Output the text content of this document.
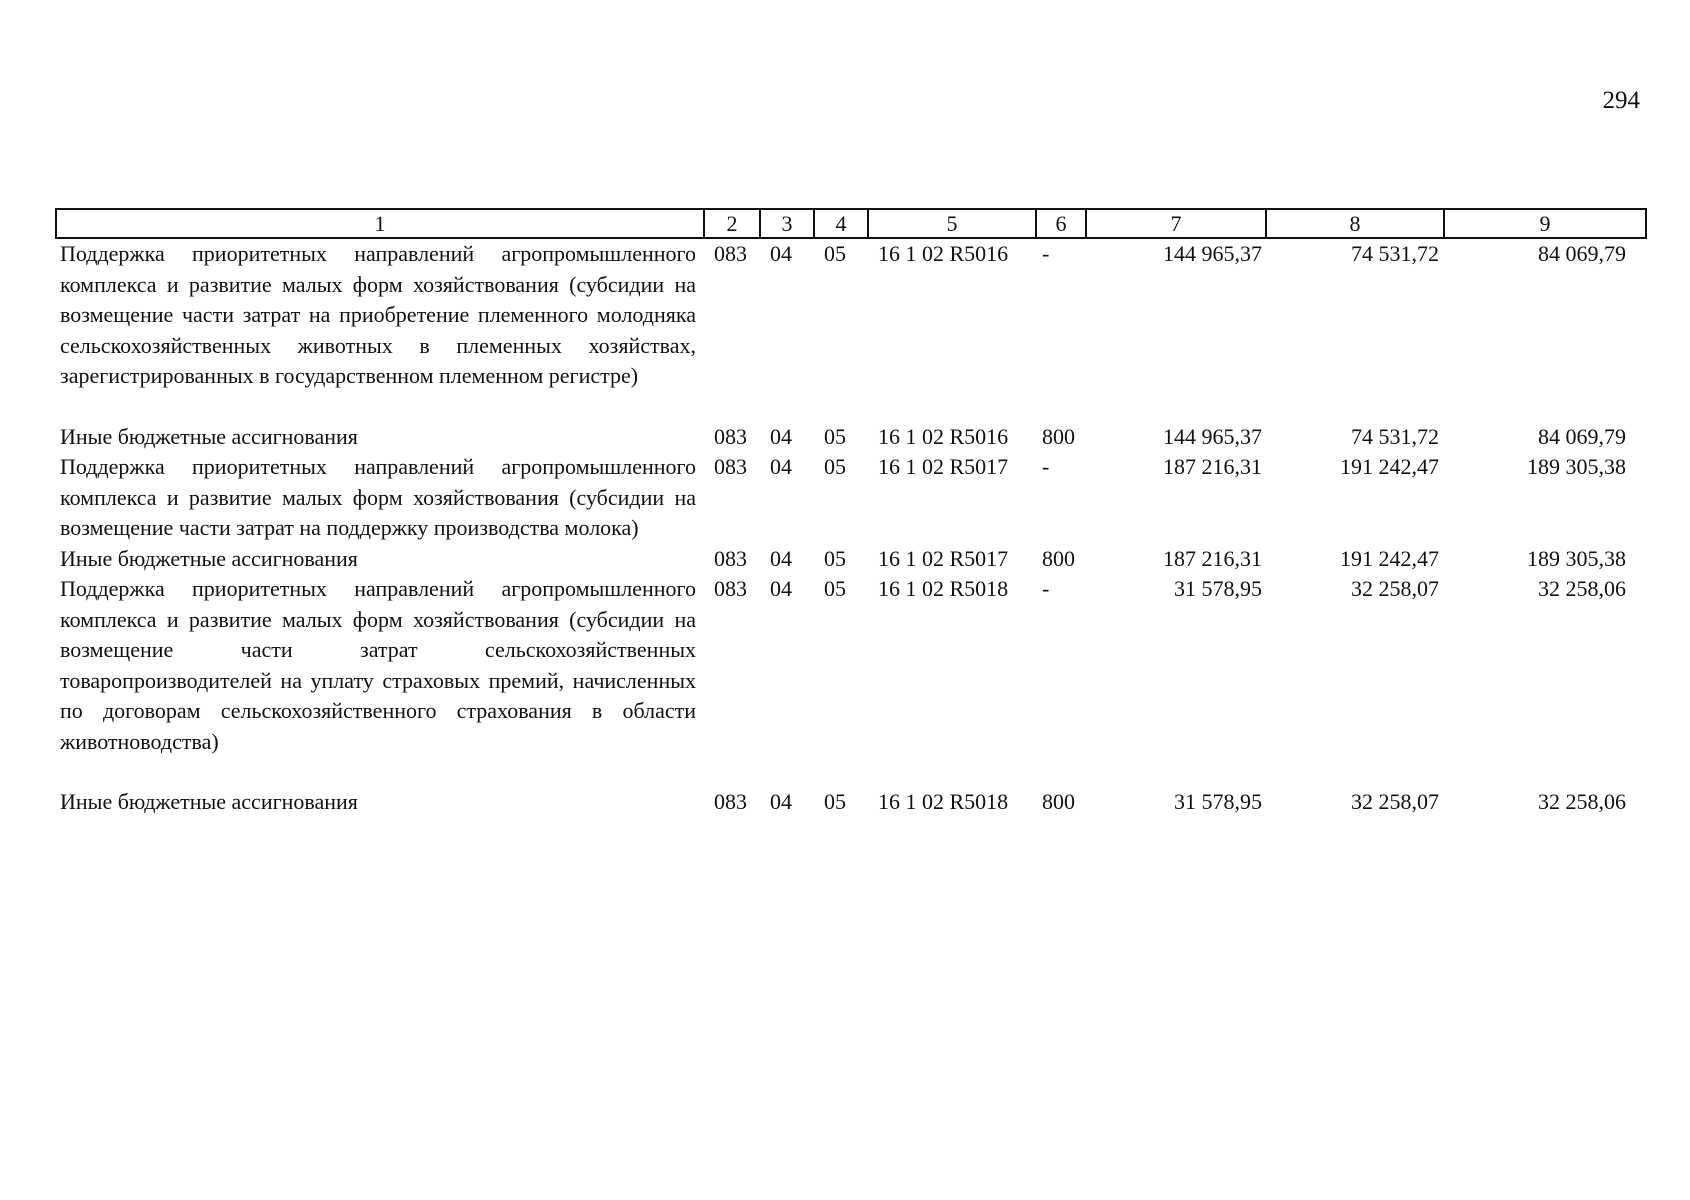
294
1	2	3	4	5	6	7	8	9
Поддержка приоритетных направлений агропромышленного комплекса и развитие малых форм хозяйствования (субсидии на возмещение части затрат на приобретение племенного молодняка сельскохозяйственных животных в племенных хозяйствах, зарегистрированных в государственном племенном регистре)	083	04	05	16 1 02 R5016	-	144 965,37	74 531,72	84 069,79
Иные бюджетные ассигнования	083	04	05	16 1 02 R5016	800	144 965,37	74 531,72	84 069,79
Поддержка приоритетных направлений агропромышленного комплекса и развитие малых форм хозяйствования (субсидии на возмещение части затрат на поддержку производства молока)	083	04	05	16 1 02 R5017	-	187 216,31	191 242,47	189 305,38
Иные бюджетные ассигнования	083	04	05	16 1 02 R5017	800	187 216,31	191 242,47	189 305,38
Поддержка приоритетных направлений агропромышленного комплекса и развитие малых форм хозяйствования (субсидии на возмещение части затрат сельскохозяйственных товаропроизводителей на уплату страховых премий, начисленных по договорам сельскохозяйственного страхования в области животноводства)	083	04	05	16 1 02 R5018	-	31 578,95	32 258,07	32 258,06
Иные бюджетные ассигнования	083	04	05	16 1 02 R5018	800	31 578,95	32 258,07	32 258,06
